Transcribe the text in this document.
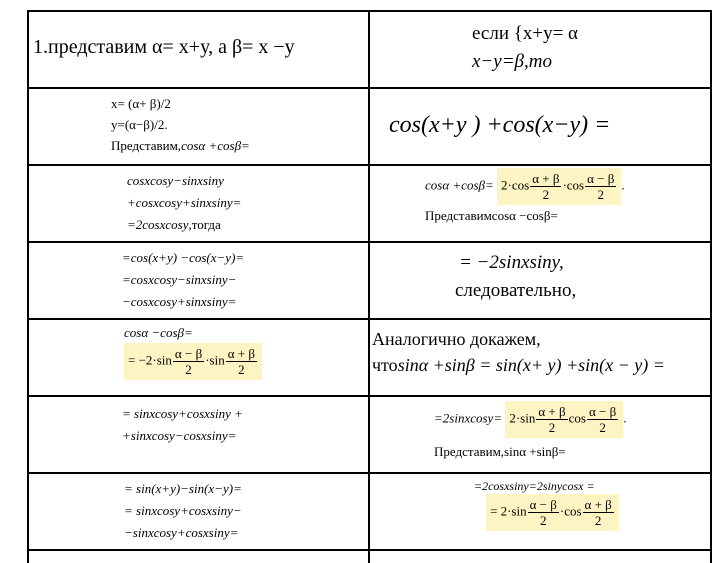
1.представим α= х+у, а β= х −у
если {x+y= α
x−y=β,то
х= (α+ β)/2
у=(α−β)/2.
Представим,cosα +cosβ=
cos(x+y ) +cos(x−y) =
cosxcosy−sinxsiny
+cosxcosy+sinxsiny=
=2cosxcosy,тогда
$\cos\alpha +\cos\beta= 2\cdot\cos \frac{\alpha + \beta}{2} \cdot\cos \frac{\alpha - \beta}{2}$ .
Представимcosα −cosβ=
=cos(x+y) −cos(x−y)=
=cosxcosy−sinxsiny−
−cosxcosy+sinxsiny=
= −2sinxsiny,
следовательно,
cosα −cosβ=
= $-2\cdot\sin \frac{\alpha - \beta}{2} \cdot\sin \frac{\alpha + \beta}{2}$
Аналогично докажем,
чтоsinα +sinβ = sin(x+ y) +sin(x − y) =
= sinxcosy+cosxsiny +
+sinxcosy−cosxsiny=
=2sinxcosy= $2\cdot\sin \frac{\alpha + \beta}{2}$ $\cos \frac{\alpha - \beta}{2}$ .
Представим,sinα +sinβ=
= sin(x+y)−sin(x−y)=
= sinxcosy+cosxsiny−
−sinxcosy+cosxsiny=
=2cosxsiny=2sinycosx =
= $2\cdot\sin \frac{\alpha - \beta}{2} \cdot\cos \frac{\alpha + \beta}{2}$
